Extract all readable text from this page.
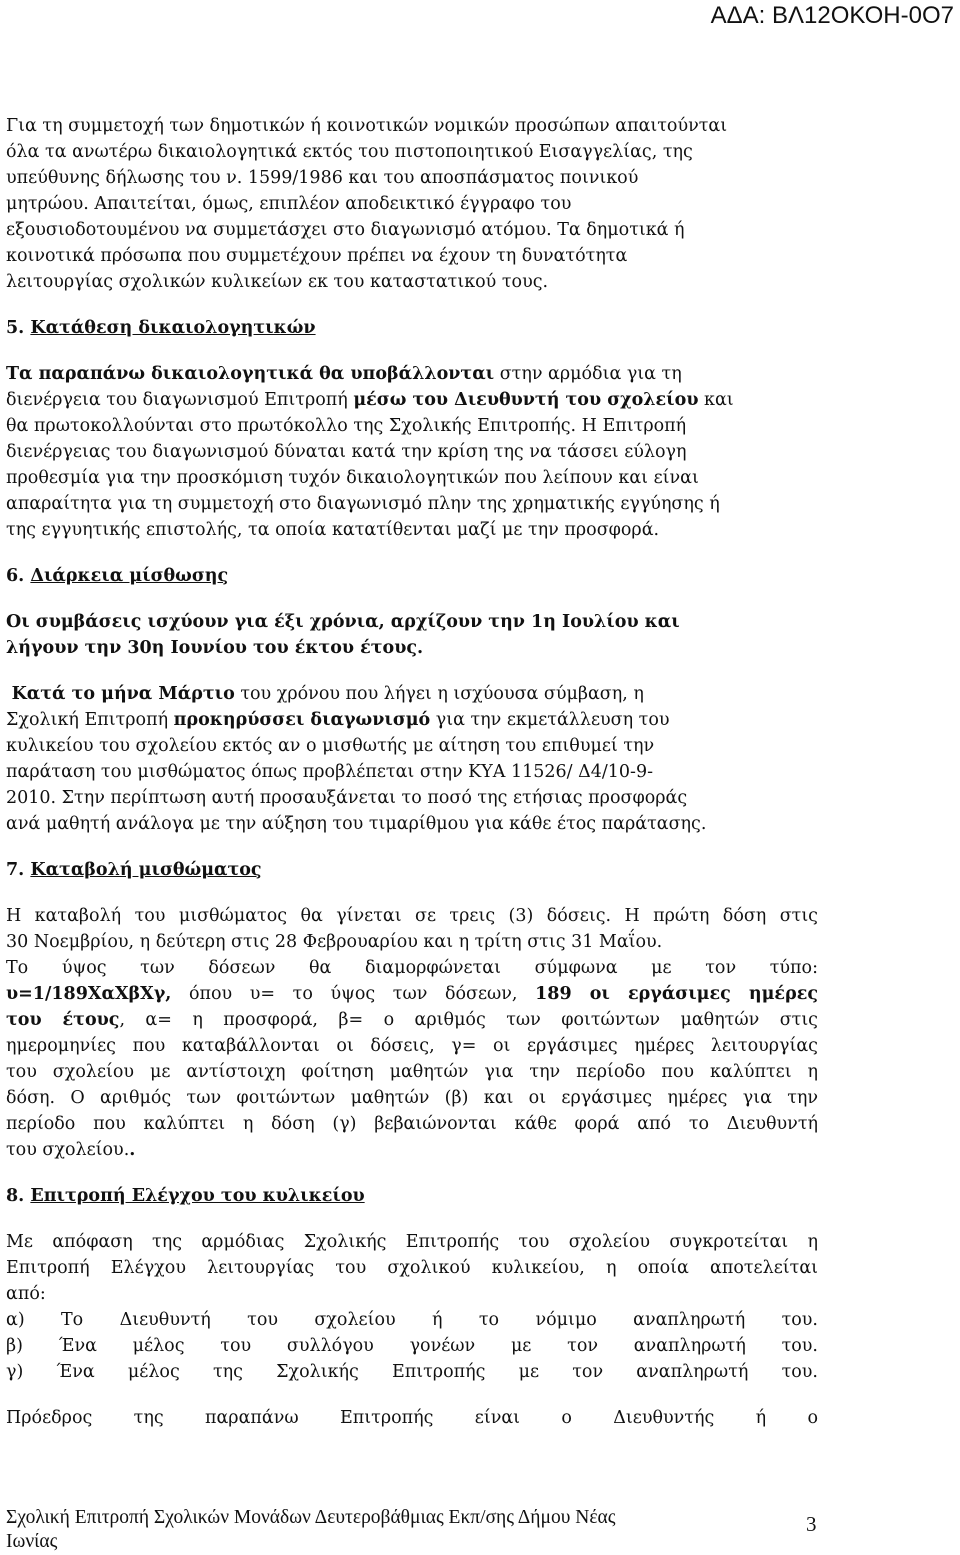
ΑΔΑ: ΒΛ12ΟΚΟΗ-0Ο7

Για τη συμμετοχή των δημοτικών ή κοινοτικών νομικών προσώπων απαιτούνται

όλα τα ανωτέρω δικαιολογητικά εκτός του πιστοποιητικού Εισαγγελίας, της

υπεύθυνης δήλωσης του ν. 1599/1986 και του αποσπάσματος ποινικού

μητρώου. Απαιτείται, όμως, επιπλέον αποδεικτικό έγγραφο του

εξουσιοδοτουμένου να συμμετάσχει στο διαγωνισμό ατόμου. Τα δημοτικά ή

κοινοτικά πρόσωπα που συμμετέχουν πρέπει να έχουν τη δυνατότητα

λειτουργίας σχολικών κυλικείων εκ του καταστατικού τους.

5. Κατάθεση δικαιολογητικών

Τα παραπάνω δικαιολογητικά θα υποβάλλονται στην αρμόδια για τη

διενέργεια του διαγωνισμού Επιτροπή μέσω του Διευθυντή του σχολείου και

θα πρωτοκολλούνται στο πρωτόκολλο της Σχολικής Επιτροπής. Η Επιτροπή

διενέργειας του διαγωνισμού δύναται κατά την κρίση της να τάσσει εύλογη

προθεσμία για την προσκόμιση τυχόν δικαιολογητικών που λείπουν και είναι

απαραίτητα για τη συμμετοχή στο διαγωνισμό πλην της χρηματικής εγγύησης ή

της εγγυητικής επιστολής, τα οποία κατατίθενται μαζί με την προσφορά.

6. Διάρκεια μίσθωσης

Οι συμβάσεις ισχύουν για έξι χρόνια, αρχίζουν την 1η Ιουλίου και

λήγουν την 30η Ιουνίου του έκτου έτους.

Κατά το μήνα Μάρτιο του χρόνου που λήγει η ισχύουσα σύμβαση, η

Σχολική Επιτροπή προκηρύσσει διαγωνισμό για την εκμετάλλευση του

κυλικείου του σχολείου εκτός αν ο μισθωτής με αίτηση του επιθυμεί την

παράταση του μισθώματος όπως προβλέπεται στην ΚΥΑ 11526/ Δ4/10-9-

2010. Στην περίπτωση αυτή προσαυξάνεται το ποσό της ετήσιας προσφοράς

ανά μαθητή ανάλογα με την αύξηση του τιμαρίθμου για κάθε έτος παράτασης.

7. Καταβολή μισθώματος

Η καταβολή του μισθώματος θα γίνεται σε τρεις (3) δόσεις. Η πρώτη δόση στις

30 Νοεμβρίου, η δεύτερη στις 28 Φεβρουαρίου και η τρίτη στις 31 Μαΐου.

Το ύψος των δόσεων θα διαμορφώνεται σύμφωνα με τον τύπο:

υ=1/189ΧαΧβΧγ, όπου υ= το ύψος των δόσεων, 189 οι εργάσιμες ημέρες

του έτους, α= η προσφορά, β= ο αριθμός των φοιτώντων μαθητών στις

ημερομηνίες που καταβάλλονται οι δόσεις, γ= οι εργάσιμες ημέρες λειτουργίας

του σχολείου με αντίστοιχη φοίτηση μαθητών για την περίοδο που καλύπτει η

δόση. Ο αριθμός των φοιτώντων μαθητών (β) και οι εργάσιμες ημέρες για την

περίοδο που καλύπτει η δόση (γ) βεβαιώνονται κάθε φορά από το Διευθυντή

του σχολείου..

8. Επιτροπή Ελέγχου του κυλικείου

Με απόφαση της αρμόδιας Σχολικής Επιτροπής του σχολείου συγκροτείται η

Επιτροπή Ελέγχου λειτουργίας του σχολικού κυλικείου, η οποία αποτελείται

από:

α) Το Διευθυντή του σχολείου ή το νόμιμο αναπληρωτή του.

β) Ένα μέλος του συλλόγου γονέων με τον αναπληρωτή του.

γ) Ένα μέλος της Σχολικής Επιτροπής με τον αναπληρωτή του.

Πρόεδρος της παραπάνω Επιτροπής είναι ο Διευθυντής ή ο

Σχολική Επιτροπή Σχολικών Μονάδων Δευτεροβάθμιας Εκπ/σης Δήμου Νέας
Ιωνίας
3
